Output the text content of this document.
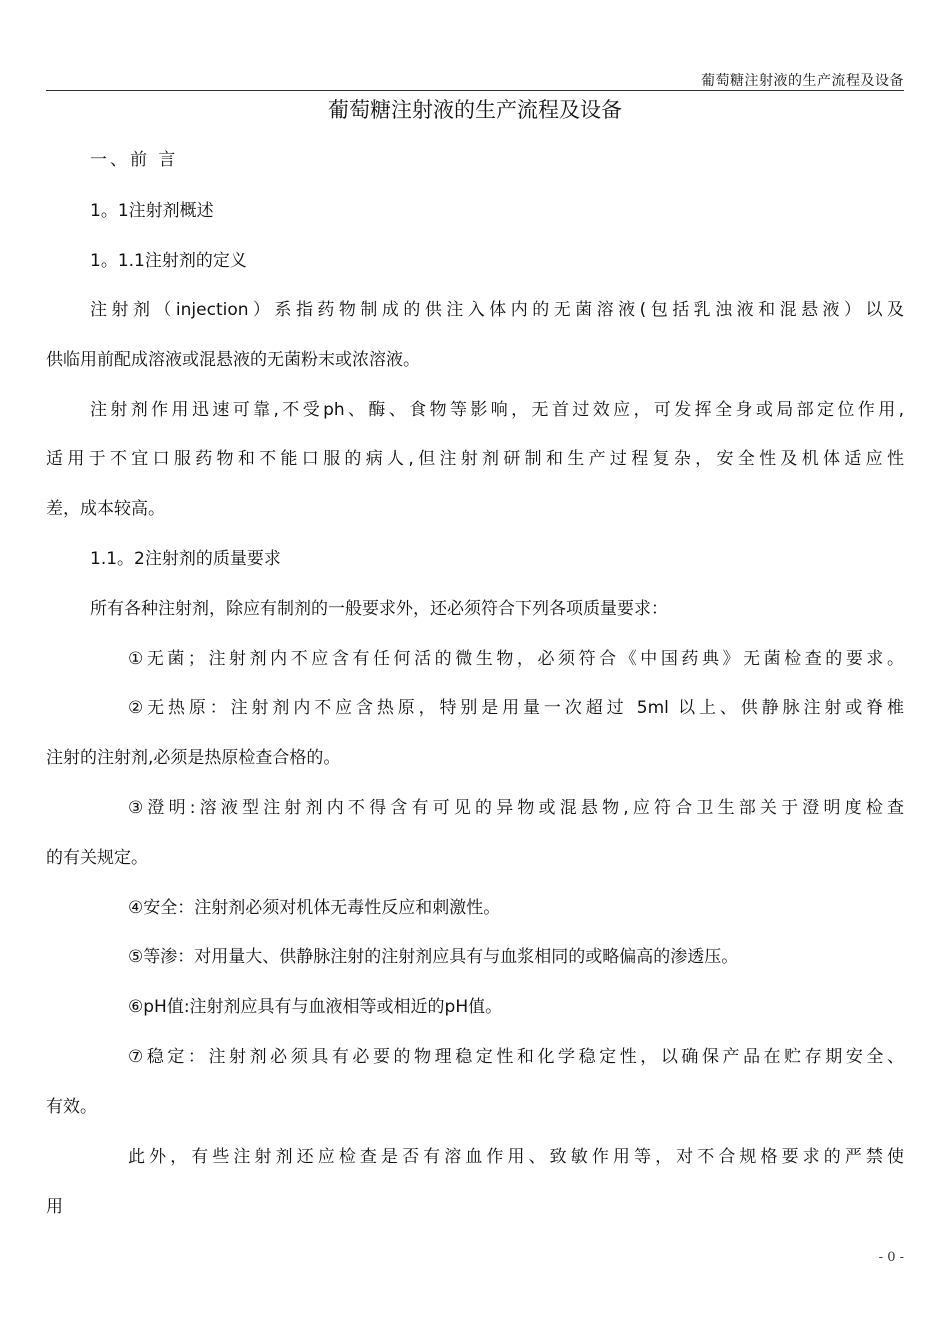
葡萄糖注射液的生产流程及设备
葡萄糖注射液的生产流程及设备
一、前 言
1。1注射剂概述
1。1.1注射剂的定义
注射剂（injection）系指药物制成的供注入体内的无菌溶液(包括乳浊液和混悬液）以及
供临用前配成溶液或混悬液的无菌粉末或浓溶液。
注射剂作用迅速可靠,不受ph、酶、食物等影响，无首过效应，可发挥全身或局部定位作用,
适用于不宜口服药物和不能口服的病人,但注射剂研制和生产过程复杂，安全性及机体适应性
差，成本较高。
1.1。2注射剂的质量要求
所有各种注射剂，除应有制剂的一般要求外，还必须符合下列各项质量要求：
①无菌；注射剂内不应含有任何活的微生物，必须符合《中国药典》无菌检查的要求。
②无热原：注射剂内不应含热原，特别是用量一次超过 5ml 以上、供静脉注射或脊椎
注射的注射剂,必须是热原检查合格的。
③澄明:溶液型注射剂内不得含有可见的异物或混悬物,应符合卫生部关于澄明度检查
的有关规定。
④安全：注射剂必须对机体无毒性反应和刺激性。
⑤等渗：对用量大、供静脉注射的注射剂应具有与血浆相同的或略偏高的渗透压。
⑥pH值:注射剂应具有与血液相等或相近的pH值。
⑦稳定：注射剂必须具有必要的物理稳定性和化学稳定性，以确保产品在贮存期安全、
有效。
此外，有些注射剂还应检查是否有溶血作用、致敏作用等，对不合规格要求的严禁使
用
- 0 -
